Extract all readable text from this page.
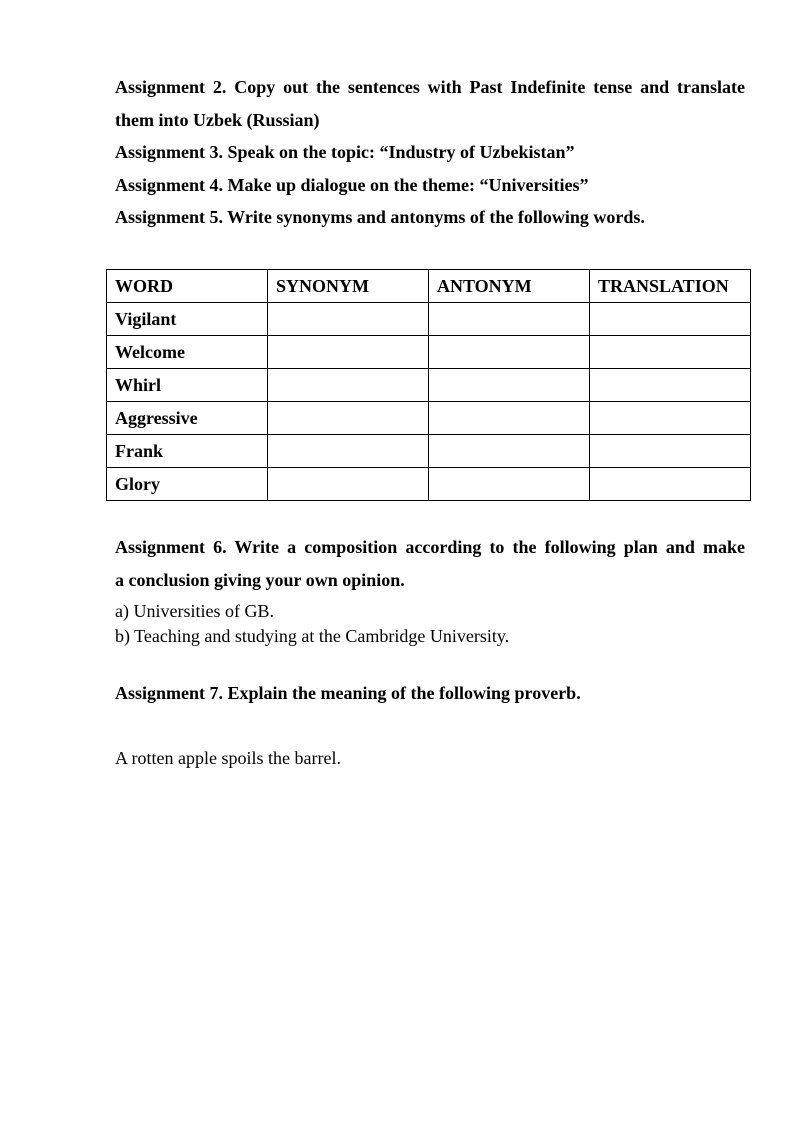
Assignment 2. Copy out the sentences with Past Indefinite tense and translate
them into Uzbek (Russian)
Assignment 3. Speak on the topic: “Industry of Uzbekistan”
Assignment 4. Make up dialogue on the theme: “Universities”
Assignment 5. Write synonyms and antonyms of the following words.
WORD	SYNONYM	ANTONYM	TRANSLATION
Vigilant			
Welcome			
Whirl			
Aggressive			
Frank			
Glory			
Assignment 6. Write a composition according to the following plan and make
a conclusion giving your own opinion.
a) Universities of GB.
b) Teaching and studying at the Cambridge University.
Assignment 7. Explain the meaning of the following proverb.
A rotten apple spoils the barrel.
